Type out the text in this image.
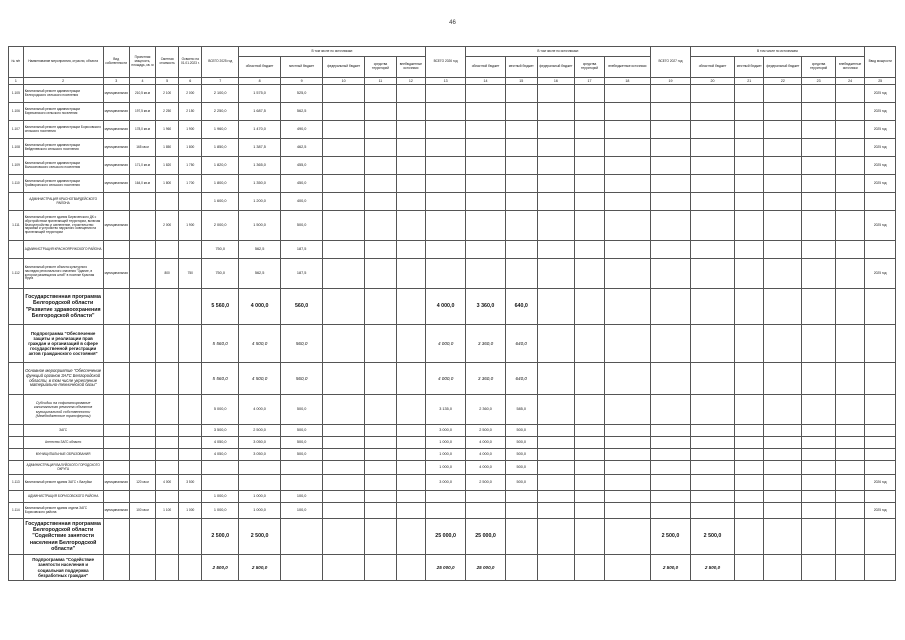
46
№ п/п	Наименование мероприятия, отрасли, объекта	Вид собственности	Проектная мощность, площадь, кв. м	Сметная стоимость	Освоено на 01.01.2023 г.	ВСЕГО 2025 год	В том числе по источникам:					ВСЕГО 2026 год	В том числе по источникам:					ВСЕГО 2027 год	В том числе по источникам:					Ввод мощности
							областной бюджет	местный бюджет	федеральный бюджет	средства территорий	внебюджетные источники		областной бюджет	местный бюджет	федеральный бюджет	средства территорий	внебюджетные источники		областной бюджет	местный бюджет	федеральный бюджет	средства территорий	внебюджетные источники	
1	2	3	4	5	6	7	8	9	10	11	12	13	14	15	16	17	18	19	20	21	22	23	24	25
1.105	Капитальный ремонт администрации Белгородского сельского поселения	муниципальная	210,5 кв.м	2 100	2 000	2 100,0	1 575,0	525,0																2025 год
1.106	Капитальный ремонт администрации Бирючанского сельского поселения	муниципальная	197,5 кв.м	2 250	2 150	2 250,0	1 687,5	562,5																2025 год
1.107	Капитальный ремонт администрации Борисовского сельского поселения	муниципальная	178,0 кв.м	1 960	1 900	1 960,0	1 470,0	490,0																2025 год
1.108	Капитальный ремонт администрации Вейделевского сельского поселения	муниципальная	165 кв.м	1 850	1 800	1 850,0	1 387,5	462,5																2025 год
1.109	Капитальный ремонт администрации Волоконовского сельского поселения	муниципальная	171,0 кв.м	1 820	1 750	1 820,0	1 365,0	455,0																2025 год
1.110	Капитальный ремонт администрации Грайворонского сельского поселения	муниципальная	164,0 кв.м	1 800	1 700	1 800,0	1 350,0	450,0																2025 год
	АДМИНИСТРАЦИЯ КРАСНОГВАРДЕЙСКОГО РАЙОНА					1 600,0	1 200,0	400,0																
1.111	Капитальный ремонт здания Бирюченского ДК с обустройством прилегающей территории, включая благоустройство и озеленение, строительство парковки и устройство наружного освещения на прилегающей территории	муниципальная		2 000	1 900	2 000,0	1 500,0	500,0																2025 год
	АДМИНИСТРАЦИЯ КРАСНОЯРУЖСКОГО РАЙОНА					750,0	562,5	187,5																
1.112	Капитальный ремонт объекта культурного наследия регионального значения "Здание, в котором размещался штаб" в поселке Красная Яруга	муниципальная		800	750	750,0	562,5	187,5																2025 год
	Государственная программа Белгородской области "Развитие здравоохранения Белгородской области"					5 560,0	4 000,0	560,0				4 000,0	3 360,0	640,0										
	Подпрограмма "Обеспечение защиты и реализации прав граждан и организаций в сфере государственной регистрации актов гражданского состояния"					5 560,0	4 500,0	560,0				4 000,0	3 360,0	640,0										
	Основное мероприятие "Обеспечение функций органов ЗАГС Белгородской области, в том числе укрепление материально-технической базы"					5 560,0	4 500,0	560,0				4 000,0	3 360,0	640,0										
	Субсидии на софинансирование капитального ремонта объектов муниципальной собственности (Межбюджетные трансферты)					5 000,0	4 000,0	500,0				3 135,0	2 360,0	585,0										
	ЗАГС					3 500,0	2 500,0	500,0				3 000,0	2 500,0	500,0										
	Агентство ЗАГС области					4 050,0	3 050,0	500,0				1 000,0	4 000,0	500,0										
	МУНИЦИПАЛЬНЫЕ ОБРАЗОВАНИЯ					4 050,0	3 050,0	500,0				1 000,0	4 000,0	500,0										
	АДМИНИСТРАЦИЯ ВАЛУЙСКОГО ГОРОДСКОГО ОКРУГА											1 000,0	4 000,0	500,0										
1.113	Капитальный ремонт здания ЗАГС г. Валуйки	муниципальная	120 кв.м	4 000	3 500							3 000,0	2 500,0	500,0										2026 год
	АДМИНИСТРАЦИЯ БОРИСОВСКОГО РАЙОНА					1 000,0	1 000,0	100,0																
1.114	Капитальный ремонт здания отдела ЗАГС Борисовского района	муниципальная	100 кв.м	1 100	1 000	1 000,0	1 000,0	100,0																2025 год
	Государственная программа Белгородской области "Содействие занятости населения Белгородской области"					2 500,0	2 500,0					25 000,0	25 000,0					2 500,0	2 500,0					
	Подпрограмма "Содействие занятости населения и социальная поддержка безработных граждан"					2 500,0	2 500,0					25 000,0	25 000,0					2 500,0	2 500,0					
